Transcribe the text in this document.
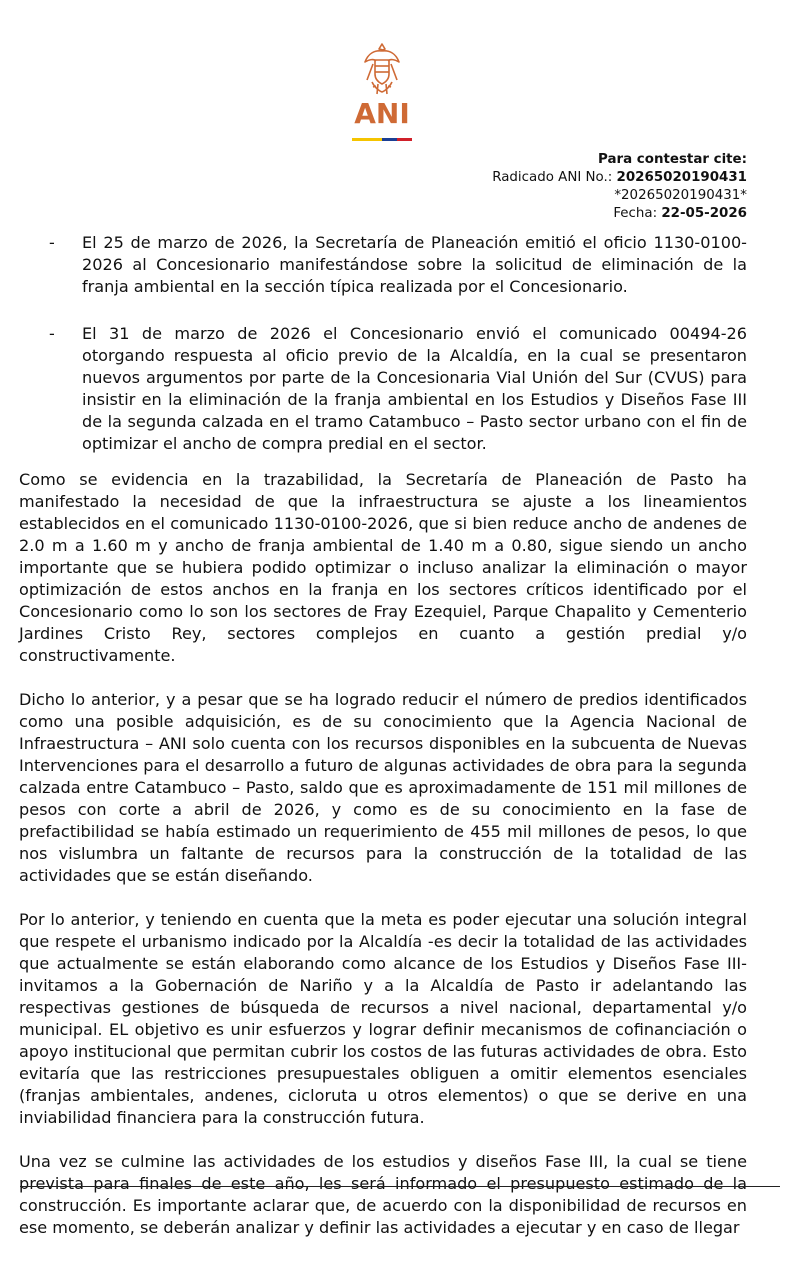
ANI
Para contestar cite:
Radicado ANI No.: 20265020190431
*20265020190431*
Fecha: 22-05-2026
- El 25 de marzo de 2026, la Secretaría de Planeación emitió el oficio 1130-0100-2026 al Concesionario manifestándose sobre la solicitud de eliminación de la franja ambiental en la sección típica realizada por el Concesionario.

- El 31 de marzo de 2026 el Concesionario envió el comunicado 00494-26 otorgando respuesta al oficio previo de la Alcaldía, en la cual se presentaron nuevos argumentos por parte de la Concesionaria Vial Unión del Sur (CVUS) para insistir en la eliminación de la franja ambiental en los Estudios y Diseños Fase III de la segunda calzada en el tramo Catambuco – Pasto sector urbano con el fin de optimizar el ancho de compra predial en el sector.

Como se evidencia en la trazabilidad, la Secretaría de Planeación de Pasto ha manifestado la necesidad de que la infraestructura se ajuste a los lineamientos establecidos en el comunicado 1130-0100-2026, que si bien reduce ancho de andenes de 2.0 m a 1.60 m y ancho de franja ambiental de 1.40 m a 0.80, sigue siendo un ancho importante que se hubiera podido optimizar o incluso analizar la eliminación o mayor optimización de estos anchos en la franja en los sectores críticos identificado por el Concesionario como lo son los sectores de Fray Ezequiel, Parque Chapalito y Cementerio Jardines Cristo Rey, sectores complejos en cuanto a gestión predial y/o constructivamente.

Dicho lo anterior, y a pesar que se ha logrado reducir el número de predios identificados como una posible adquisición, es de su conocimiento que la Agencia Nacional de Infraestructura – ANI solo cuenta con los recursos disponibles en la subcuenta de Nuevas Intervenciones para el desarrollo a futuro de algunas actividades de obra para la segunda calzada entre Catambuco – Pasto, saldo que es aproximadamente de 151 mil millones de pesos con corte a abril de 2026, y como es de su conocimiento en la fase de prefactibilidad se había estimado un requerimiento de 455 mil millones de pesos, lo que nos vislumbra un faltante de recursos para la construcción de la totalidad de las actividades que se están diseñando.

Por lo anterior, y teniendo en cuenta que la meta es poder ejecutar una solución integral que respete el urbanismo indicado por la Alcaldía -es decir la totalidad de las actividades que actualmente se están elaborando como alcance de los Estudios y Diseños Fase III- invitamos a la Gobernación de Nariño y a la Alcaldía de Pasto ir adelantando las respectivas gestiones de búsqueda de recursos a nivel nacional, departamental y/o municipal. EL objetivo es unir esfuerzos y lograr definir mecanismos de cofinanciación o apoyo institucional que permitan cubrir los costos de las futuras actividades de obra. Esto evitaría que las restricciones presupuestales obliguen a omitir elementos esenciales (franjas ambientales, andenes, cicloruta u otros elementos) o que se derive en una inviabilidad financiera para la construcción futura.

Una vez se culmine las actividades de los estudios y diseños Fase III, la cual se tiene prevista para finales de este año, les será informado el presupuesto estimado de la construcción. Es importante aclarar que, de acuerdo con la disponibilidad de recursos en ese momento, se deberán analizar y definir las actividades a ejecutar y en caso de llegar
